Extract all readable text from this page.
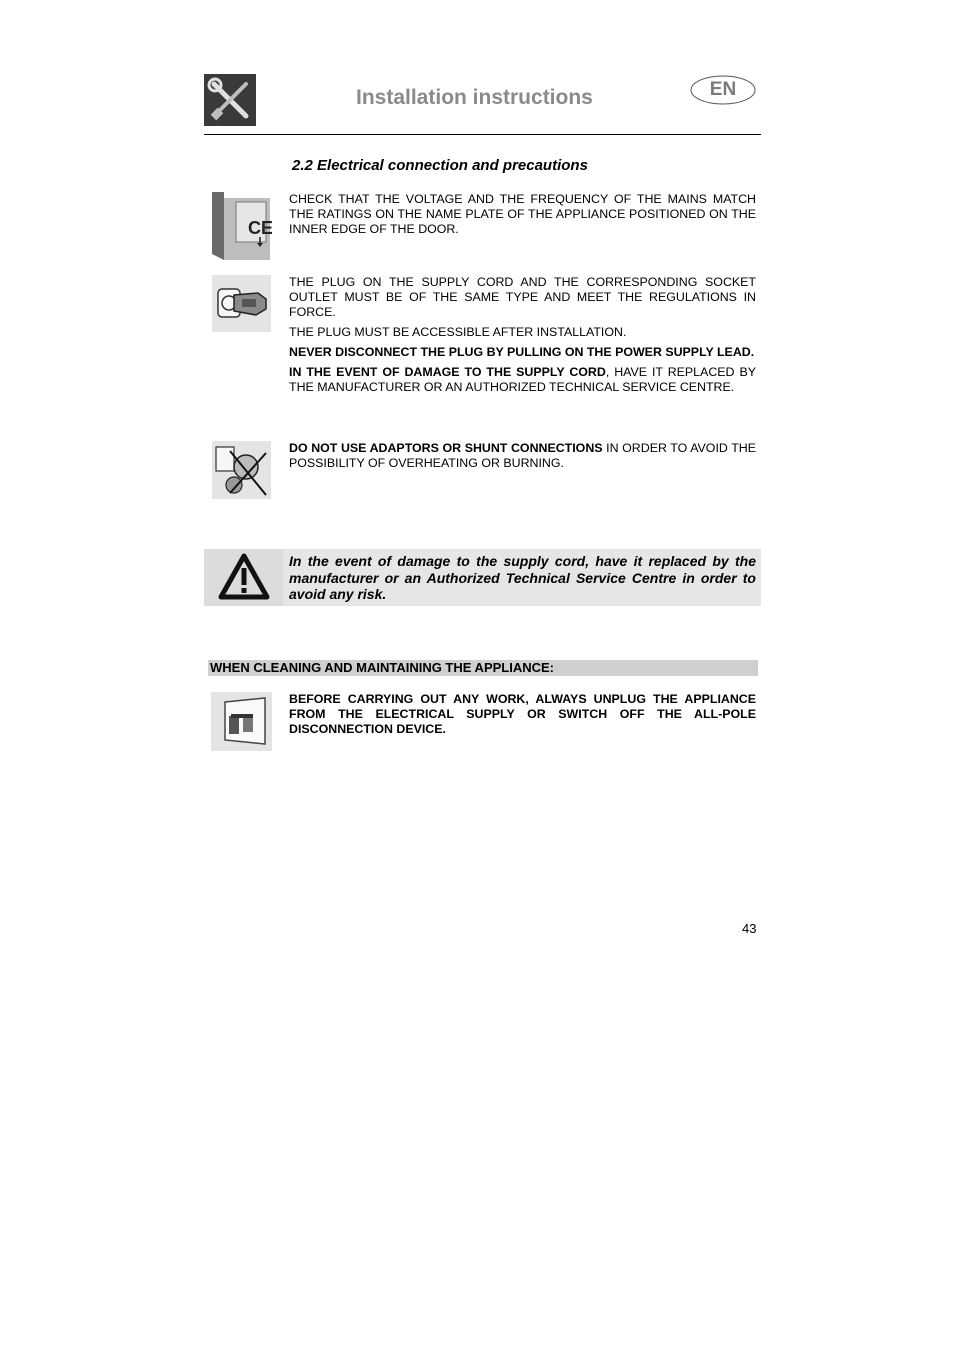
Installation instructions	EN
2.2 Electrical connection and precautions
CE

CHECK THAT THE VOLTAGE AND THE FREQUENCY OF THE MAINS MATCH THE RATINGS ON THE NAME PLATE OF THE APPLIANCE POSITIONED ON THE INNER EDGE OF THE DOOR.

THE PLUG ON THE SUPPLY CORD AND THE CORRESPONDING SOCKET OUTLET MUST BE OF THE SAME TYPE AND MEET THE REGULATIONS IN FORCE.

THE PLUG MUST BE ACCESSIBLE AFTER INSTALLATION.

NEVER DISCONNECT THE PLUG BY PULLING ON THE POWER SUPPLY LEAD.

IN THE EVENT OF DAMAGE TO THE SUPPLY CORD, HAVE IT REPLACED BY THE MANUFACTURER OR AN AUTHORIZED TECHNICAL SERVICE CENTRE.

DO NOT USE ADAPTORS OR SHUNT CONNECTIONS IN ORDER TO AVOID THE POSSIBILITY OF OVERHEATING OR BURNING.

In the event of damage to the supply cord, have it replaced by the manufacturer or an Authorized Technical Service Centre in order to avoid any risk.
WHEN CLEANING AND MAINTAINING THE APPLIANCE:

BEFORE CARRYING OUT ANY WORK, ALWAYS UNPLUG THE APPLIANCE FROM THE ELECTRICAL SUPPLY OR SWITCH OFF THE ALL-POLE DISCONNECTION DEVICE.

43
